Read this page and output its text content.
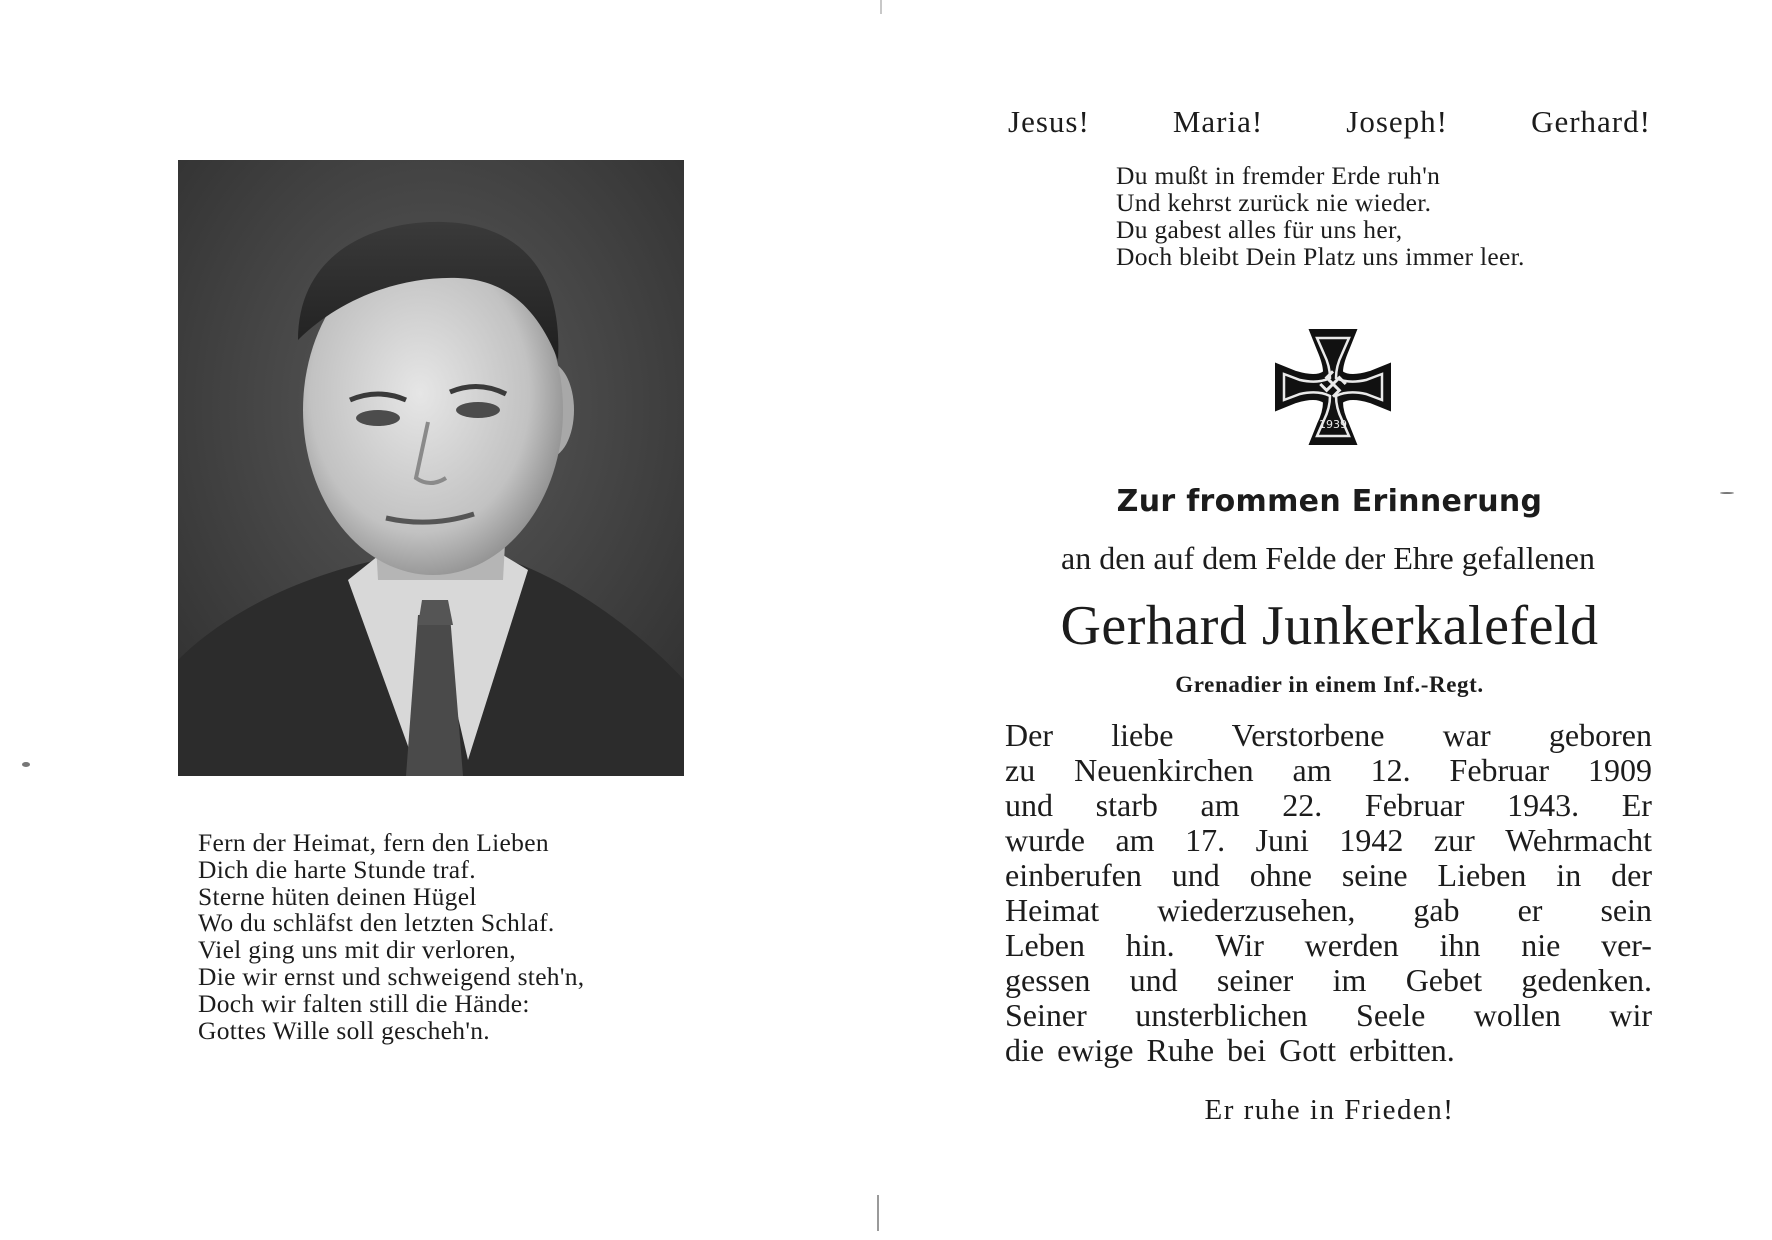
Fern der Heimat, fern den Lieben
Dich die harte Stunde traf.
Sterne hüten deinen Hügel
Wo du schläfst den letzten Schlaf.
Viel ging uns mit dir verloren,
Die wir ernst und schweigend steh'n,
Doch wir falten still die Hände:
Gottes Wille soll gescheh'n.
Jesus!	Maria!	Joseph!	Gerhard!
Du mußt in fremder Erde ruh'n
Und kehrst zurück nie wieder.
Du gabest alles für uns her,
Doch bleibt Dein Platz uns immer leer.
1939
Zur frommen Erinnerung
an den auf dem Felde der Ehre gefallenen
Gerhard Junkerkalefeld
Grenadier in einem Inf.-Regt.
Der liebe Verstorbene war geboren
zu Neuenkirchen am 12. Februar 1909
und starb am 22. Februar 1943. Er
wurde am 17. Juni 1942 zur Wehrmacht
einberufen und ohne seine Lieben in der
Heimat wiederzusehen, gab er sein
Leben hin. Wir werden ihn nie ver-
gessen und seiner im Gebet gedenken.
Seiner unsterblichen Seele wollen wir
die ewige Ruhe bei Gott erbitten.
Er ruhe in Frieden!
